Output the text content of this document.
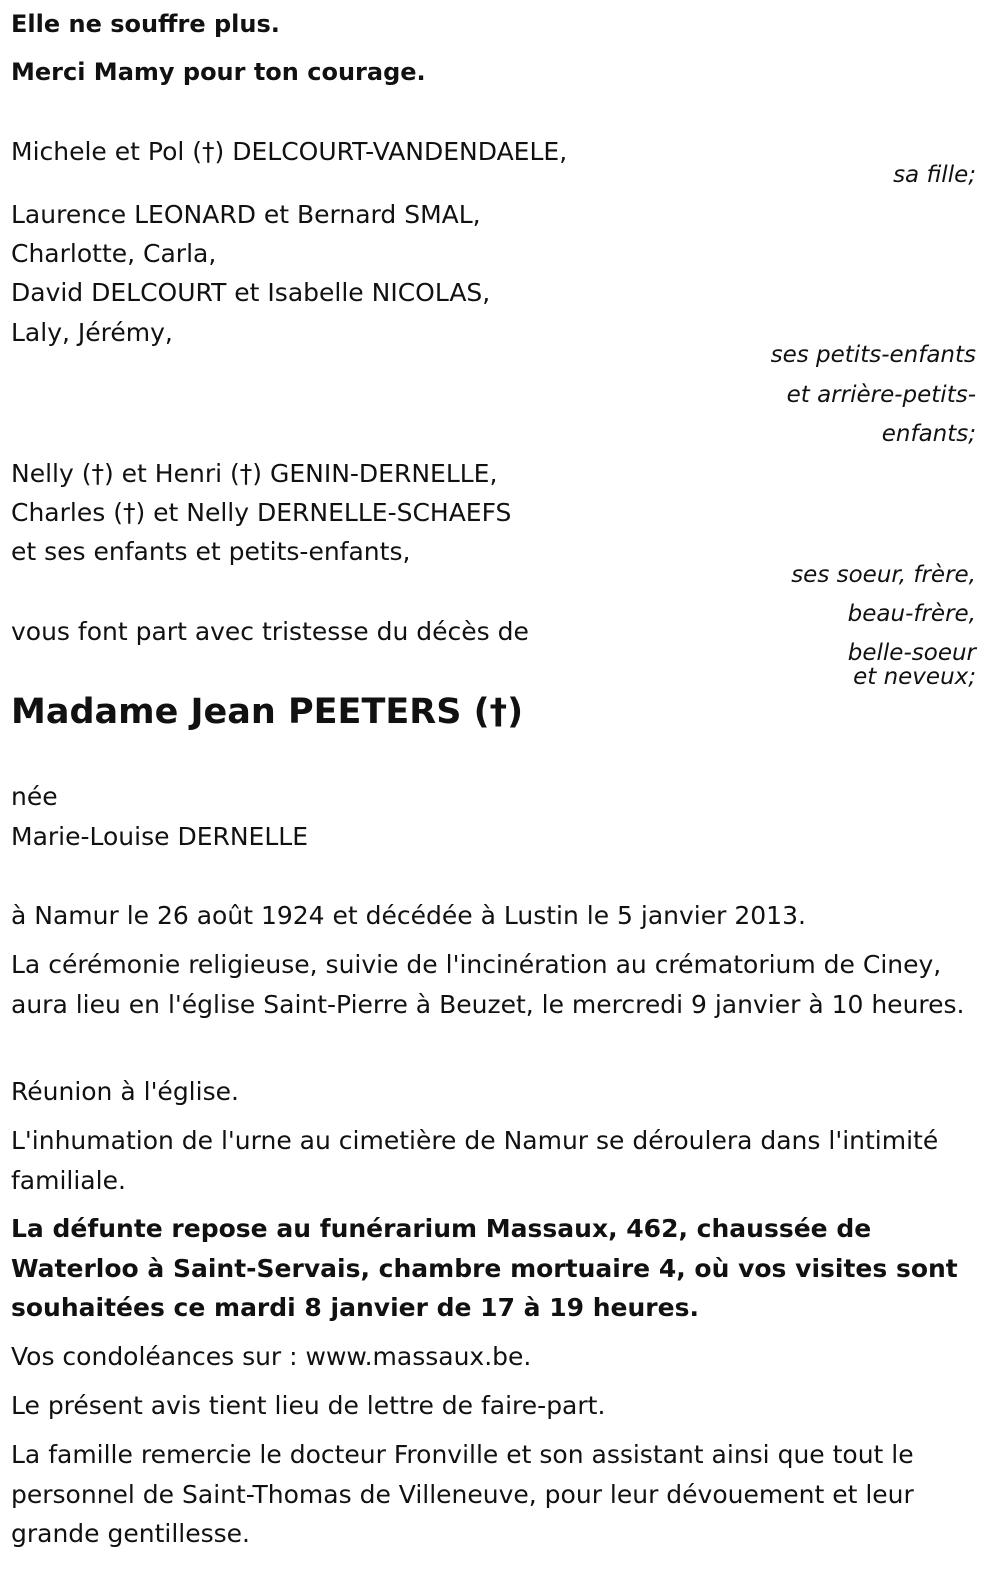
Elle ne souffre plus.
Merci Mamy pour ton courage.
Michele et Pol (†) DELCOURT-VANDENDAELE,
sa fille;
Laurence LEONARD et Bernard SMAL,
Charlotte, Carla,
David DELCOURT et Isabelle NICOLAS,
Laly, Jérémy,
ses petits-enfants
et arrière-petits-
enfants;
Nelly (†) et Henri (†) GENIN-DERNELLE,
Charles (†) et Nelly DERNELLE-SCHAEFS
et ses enfants et petits-enfants,
ses soeur, frère,
beau-frère,
belle-soeur
et neveux;
vous font part avec tristesse du décès de
Madame Jean PEETERS (†)
née
Marie-Louise DERNELLE
à Namur le 26 août 1924 et décédée à Lustin le 5 janvier 2013.
La cérémonie religieuse, suivie de l'incinération au crématorium de Ciney, aura lieu en l'église Saint-Pierre à Beuzet, le mercredi 9 janvier à 10 heures.
Réunion à l'église.
L'inhumation de l'urne au cimetière de Namur se déroulera dans l'intimité familiale.
La défunte repose au funérarium Massaux, 462, chaussée de Waterloo à Saint-Servais, chambre mortuaire 4, où vos visites sont souhaitées ce mardi 8 janvier de 17 à 19 heures.
Vos condoléances sur : www.massaux.be.
Le présent avis tient lieu de lettre de faire-part.
La famille remercie le docteur Fronville et son assistant ainsi que tout le personnel de Saint-Thomas de Villeneuve, pour leur dévouement et leur grande gentillesse.
